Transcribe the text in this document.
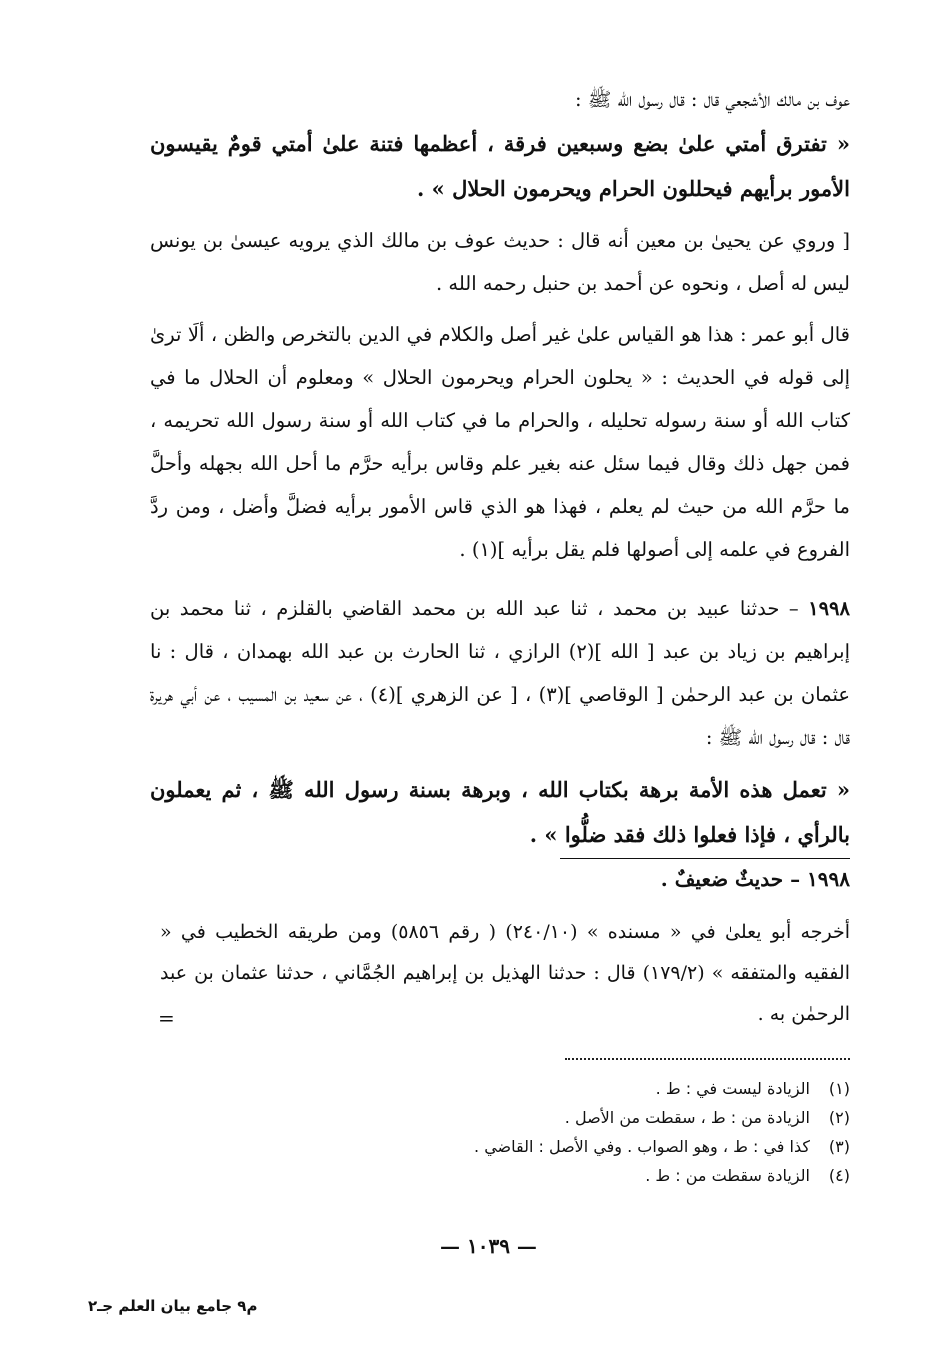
عوف بن مالك الأشجعي قال : قال رسول الله ﷺ :

« تفترق أمتي علىٰ بضع وسبعين فرقة ، أعظمها فتنة علىٰ أمتي قومٌ يقيسون الأمور برأيهم فيحللون الحرام ويحرمون الحلال » .

[ وروي عن يحيىٰ بن معين أنه قال : حديث عوف بن مالك الذي يرويه عيسىٰ بن يونس ليس له أصل ، ونحوه عن أحمد بن حنبل رحمه الله .

قال أبو عمر : هذا هو القياس علىٰ غير أصل والكلام في الدين بالتخرص والظن ، ألَا ترىٰ إلى قوله في الحديث : « يحلون الحرام ويحرمون الحلال » ومعلوم أن الحلال ما في كتاب الله أو سنة رسوله تحليله ، والحرام ما في كتاب الله أو سنة رسول الله تحريمه ، فمن جهل ذلك وقال فيما سئل عنه بغير علم وقاس برأيه حرَّم ما أحل الله بجهله وأحلَّ ما حرَّم الله من حيث لم يعلم ، فهذا هو الذي قاس الأمور برأيه فضلَّ وأضل ، ومن ردَّ الفروع في علمه إلى أصولها فلم يقل برأيه ](١) .

١٩٩٨ – حدثنا عبيد بن محمد ، ثنا عبد الله بن محمد القاضي بالقلزم ، ثنا محمد بن إبراهيم بن زياد بن عبد [ الله ](٢) الرازي ، ثنا الحارث بن عبد الله بهمدان ، قال : نا عثمان بن عبد الرحمٰن [ الوقاصي ](٣) ، [ عن الزهري ](٤) ، عن سعيد بن المسيب ، عن أبي هريرة قال : قال رسول الله ﷺ :

« تعمل هذه الأمة برهة بكتاب الله ، وبرهة بسنة رسول الله ﷺ ، ثم يعملون بالرأي ، فإذا فعلوا ذلك فقد ضلُّوا » .

١٩٩٨ – حديثٌ ضعيفٌ .

أخرجه أبو يعلىٰ في « مسنده » (٢٤٠/١٠) ( رقم ٥٨٥٦) ومن طريقه الخطيب في « الفقيه والمتفقه » (١٧٩/٢) قال : حدثنا الهذيل بن إبراهيم الجُمَّاني ، حدثنا عثمان بن عبد الرحمٰن به .

=
(١)
الزيادة ليست في : ط .
(٢)
الزيادة من : ط ، سقطت من الأصل .
(٣)
كذا في : ط ، وهو الصواب . وفي الأصل : القاضي .
(٤)
الزيادة سقطت من : ط .
— ١٠٣٩ —
م٩ جامع بيان العلم جـ٢
